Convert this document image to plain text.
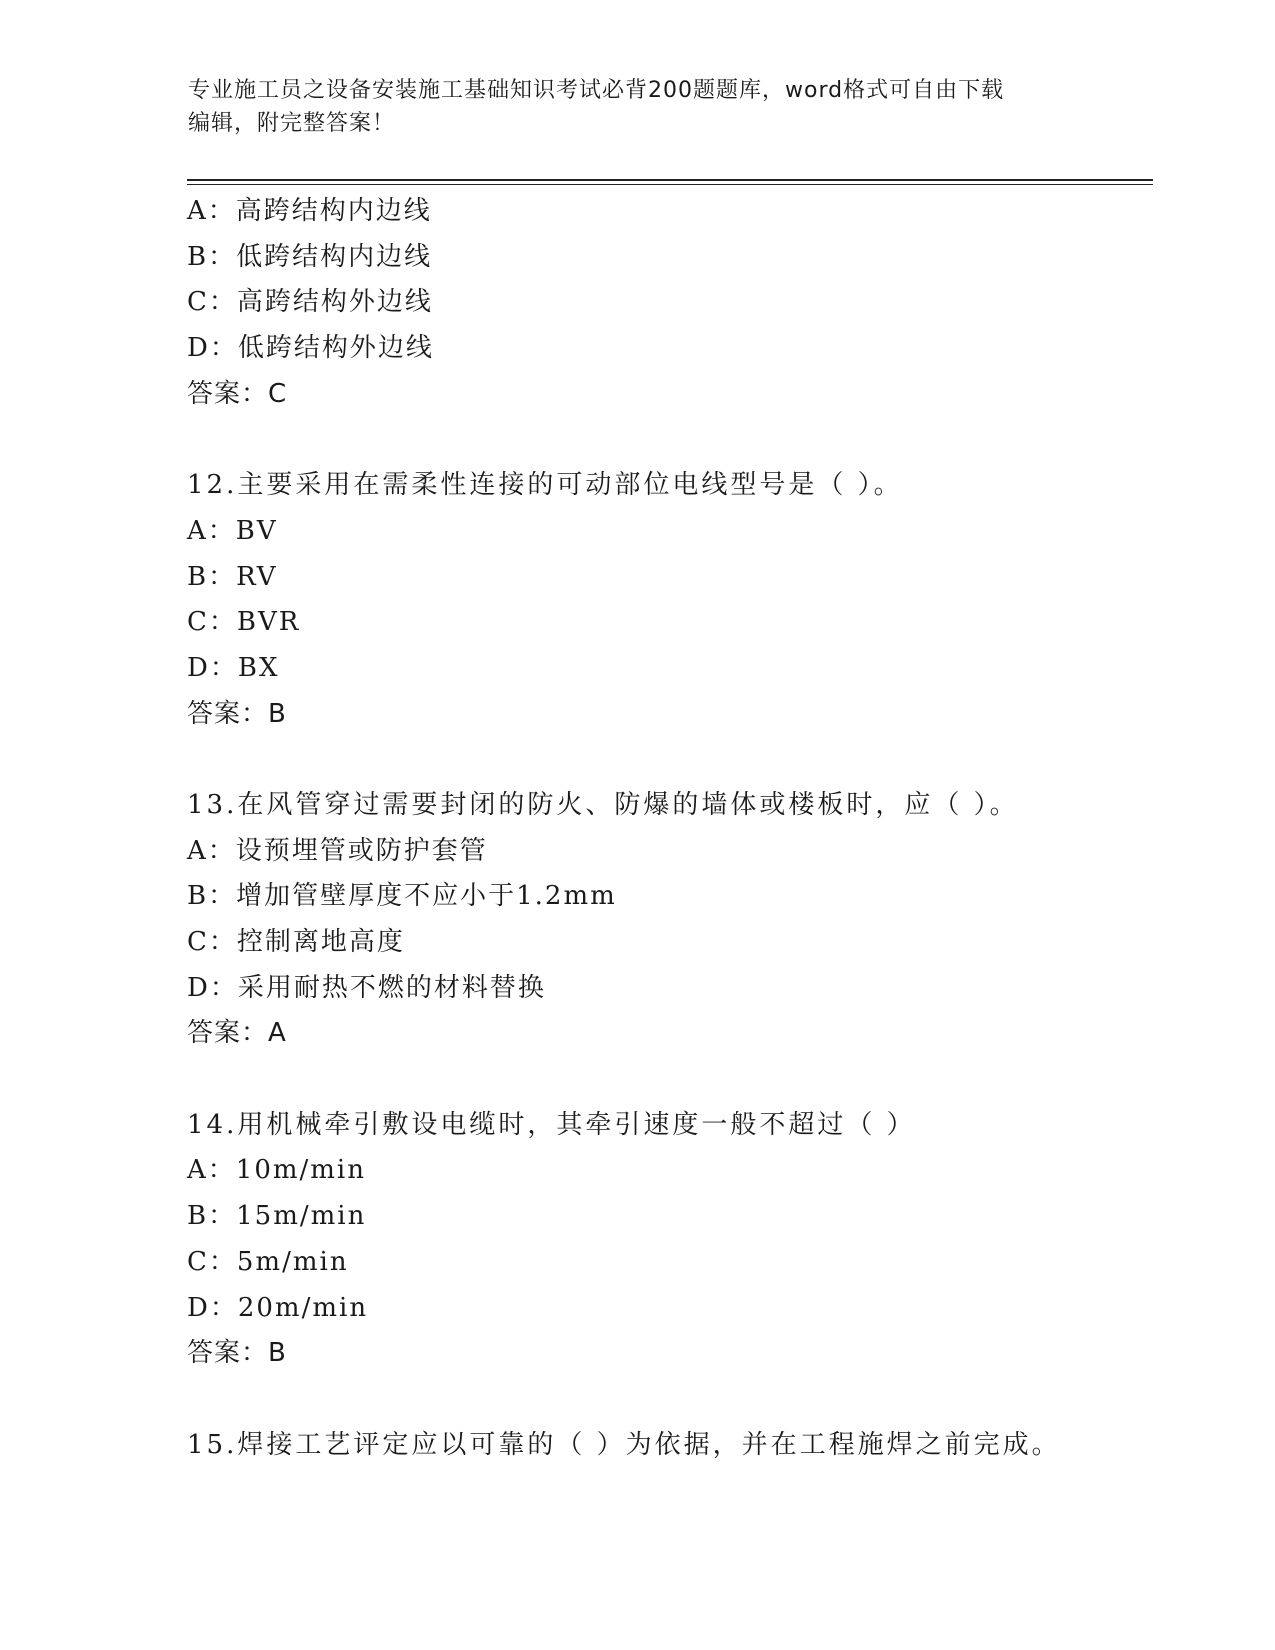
专业施工员之设备安装施工基础知识考试必背200题题库，word格式可自由下载
编辑，附完整答案！
A：高跨结构内边线
B：低跨结构内边线
C：高跨结构外边线
D：低跨结构外边线
答案：C
12.主要采用在需柔性连接的可动部位电线型号是（ ）。
A：BV
B：RV
C：BVR
D：BX
答案：B
13.在风管穿过需要封闭的防火、防爆的墙体或楼板时，应（ ）。
A：设预埋管或防护套管
B：增加管壁厚度不应小于1.2mm
C：控制离地高度
D：采用耐热不燃的材料替换
答案：A
14.用机械牵引敷设电缆时，其牵引速度一般不超过（ ）
A：10m/min
B：15m/min
C：5m/min
D：20m/min
答案：B
15.焊接工艺评定应以可靠的（ ）为依据，并在工程施焊之前完成。
